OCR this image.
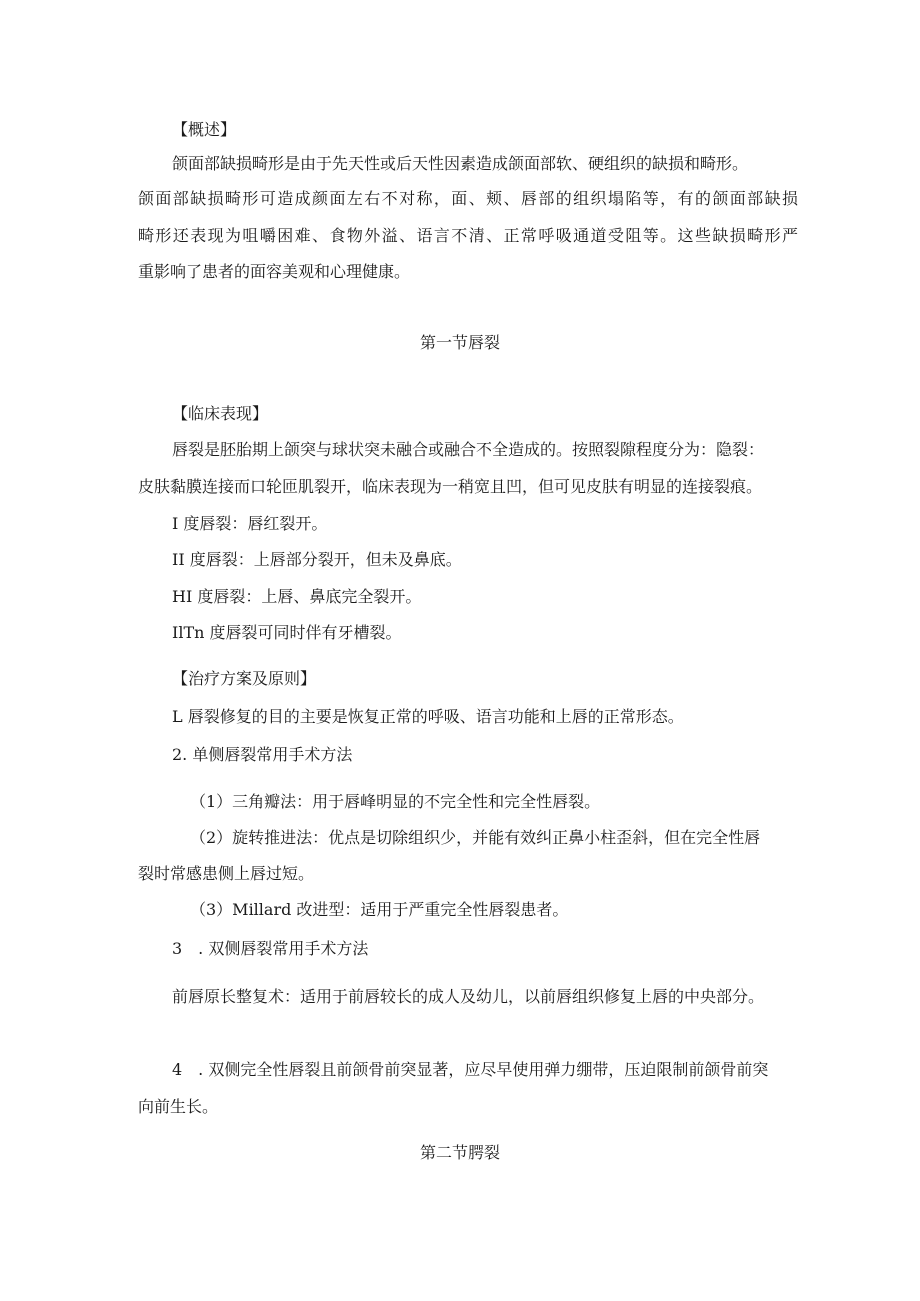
【概述】
颌面部缺损畸形是由于先天性或后天性因素造成颌面部软、硬组织的缺损和畸形。
颌面部缺损畸形可造成颜面左右不对称，面、颊、唇部的组织塌陷等，有的颌面部缺损
畸形还表现为咀嚼困难、食物外溢、语言不清、正常呼吸通道受阻等。这些缺损畸形严
重影响了患者的面容美观和心理健康。
第一节唇裂
【临床表现】
唇裂是胚胎期上颌突与球状突未融合或融合不全造成的。按照裂隙程度分为：隐裂：
皮肤黏膜连接而口轮匝肌裂开，临床表现为一稍宽且凹，但可见皮肤有明显的连接裂痕。
I 度唇裂：唇红裂开。
II 度唇裂：上唇部分裂开，但未及鼻底。
HI 度唇裂：上唇、鼻底完全裂开。
IlTn 度唇裂可同时伴有牙槽裂。
【治疗方案及原则】
L 唇裂修复的目的主要是恢复正常的呼吸、语言功能和上唇的正常形态。
2. 单侧唇裂常用手术方法
（1）三角瓣法：用于唇峰明显的不完全性和完全性唇裂。
（2）旋转推进法：优点是切除组织少，并能有效纠正鼻小柱歪斜，但在完全性唇
裂时常感患侧上唇过短。
（3）Millard 改进型：适用于严重完全性唇裂患者。
3　. 双侧唇裂常用手术方法
前唇原长整复术：适用于前唇较长的成人及幼儿，以前唇组织修复上唇的中央部分。
4　. 双侧完全性唇裂且前颌骨前突显著，应尽早使用弹力绷带，压迫限制前颌骨前突
向前生长。
第二节腭裂
